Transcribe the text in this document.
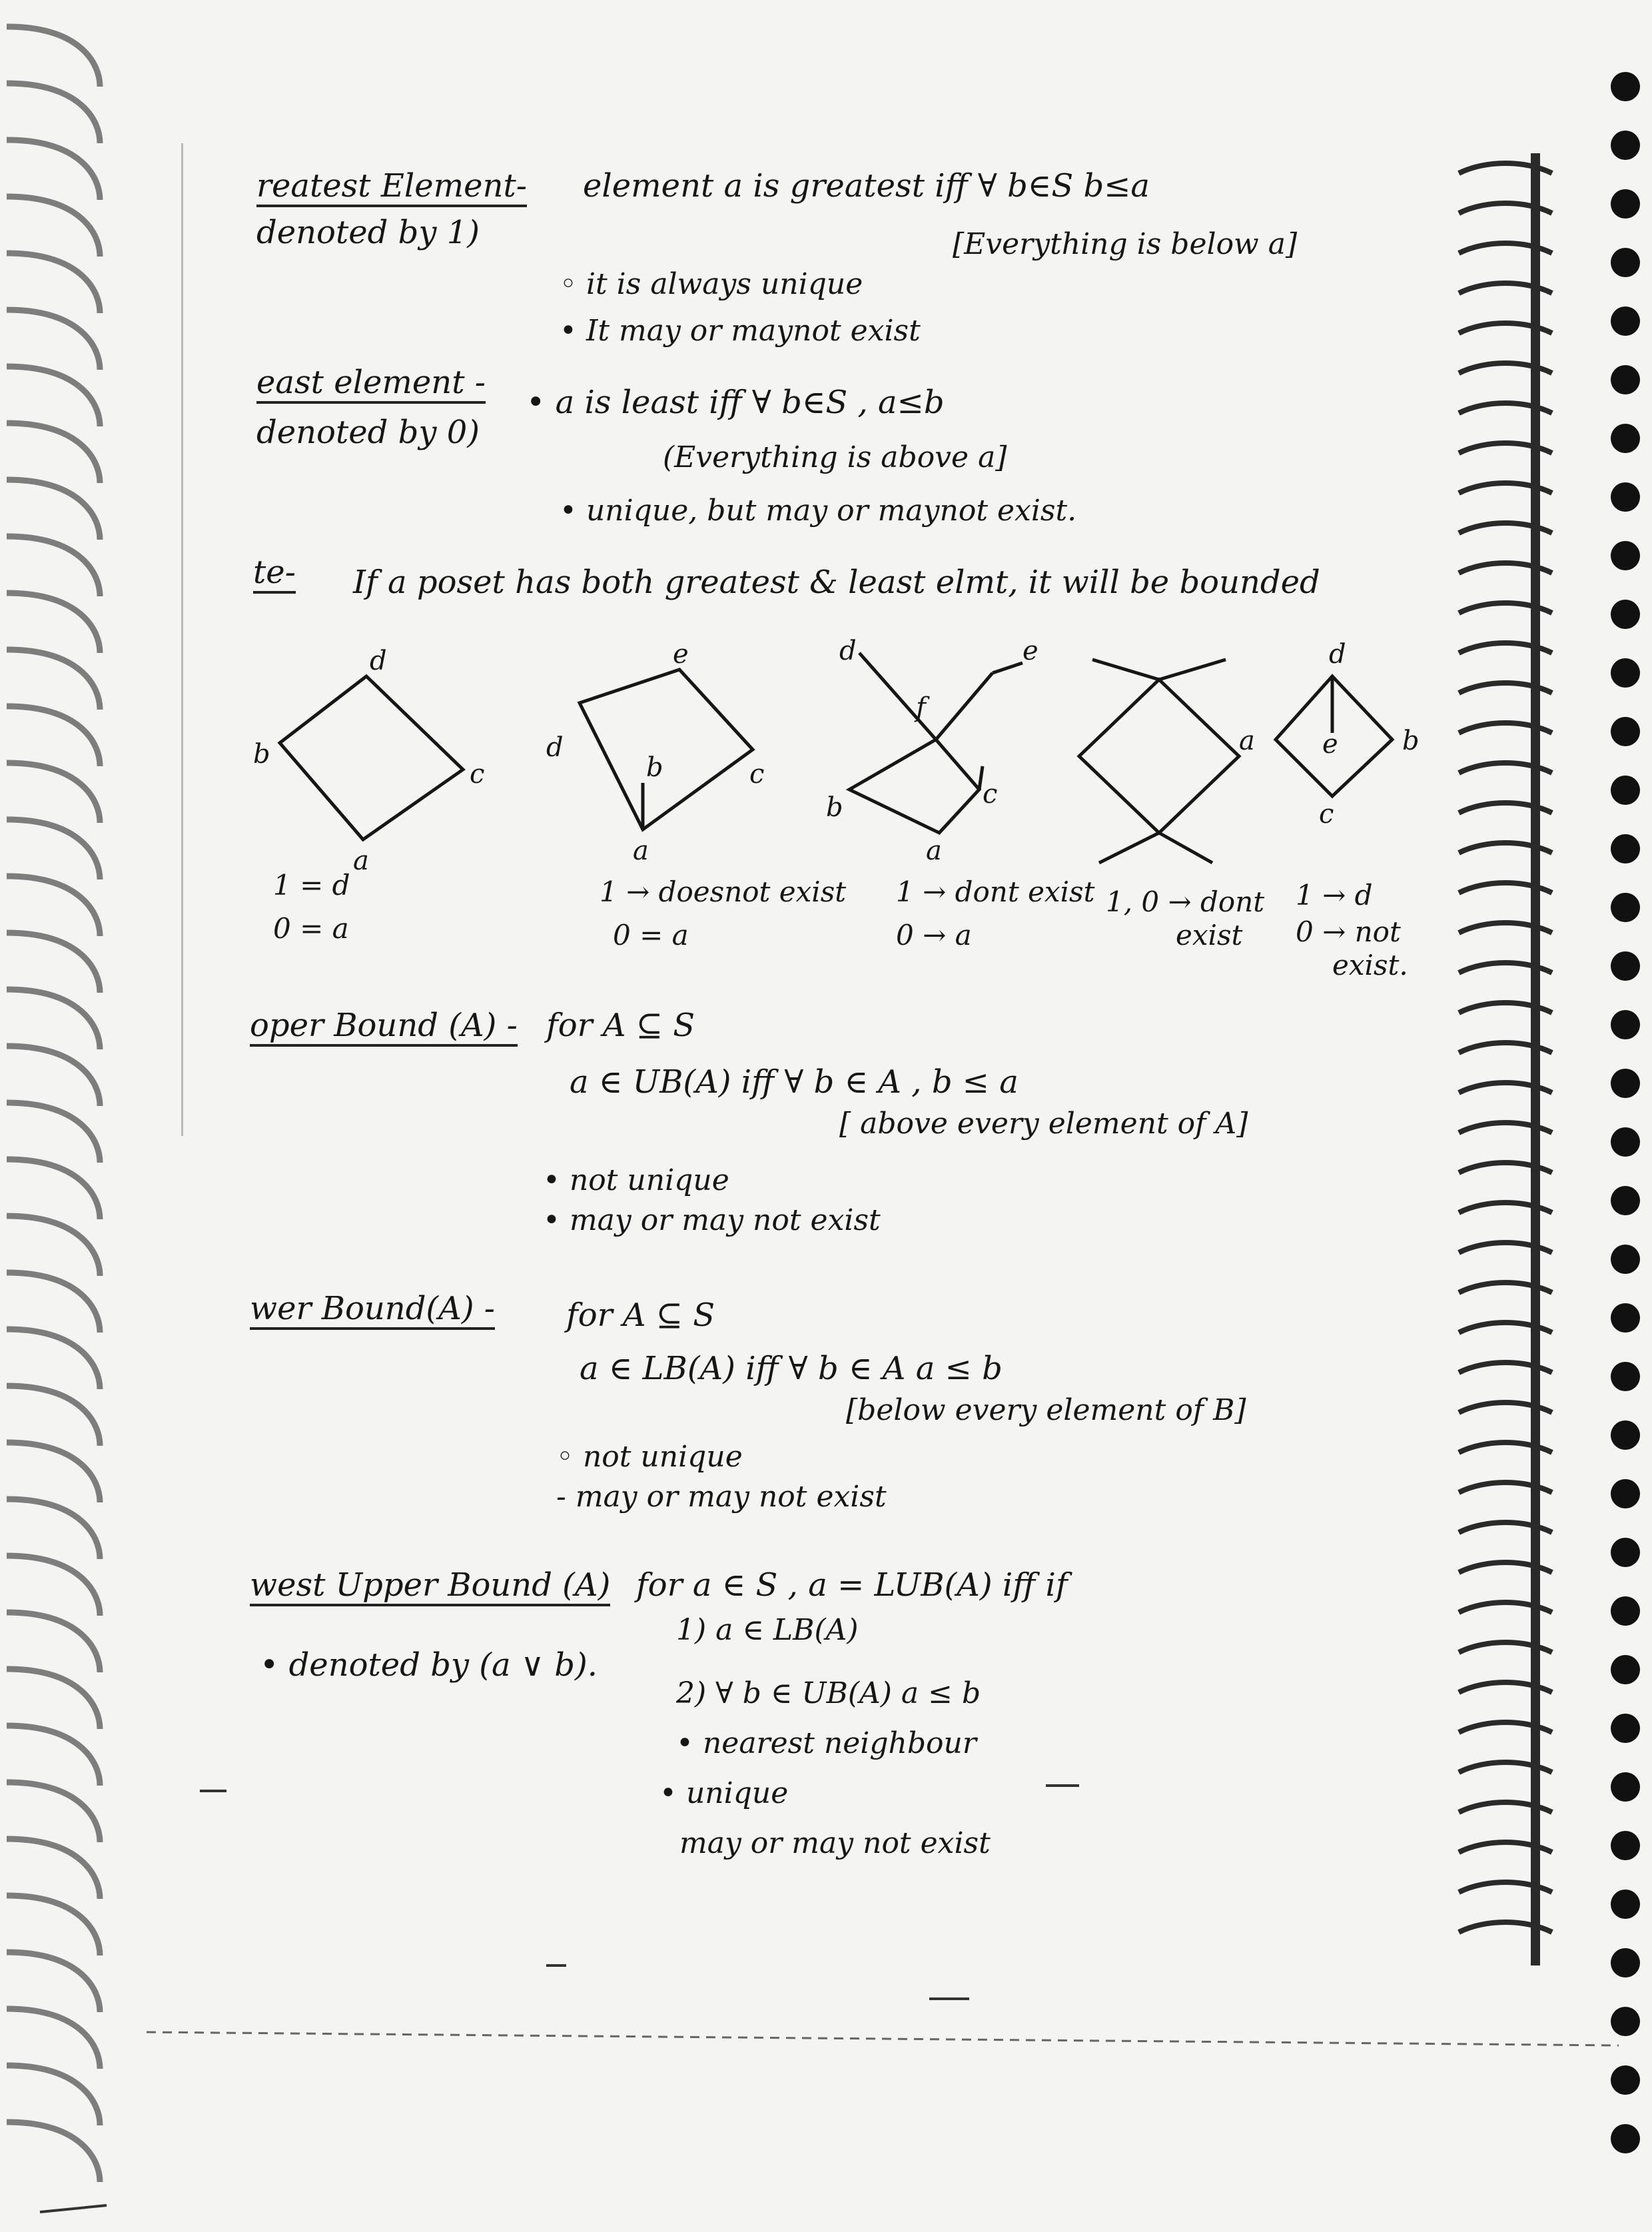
reatest Element-
denoted by 1)
element a is greatest iff ∀ b∈S b≤a
[Everything is below a]
◦ it is always unique
• It may or maynot exist
east element -
denoted by 0)
• a is least iff ∀ b∈S , a≤b
(Everything is above a]
• unique, but may or maynot exist.
te- If a poset has both greatest & least elmt, it will be bounded
d
b
c
a
e
d
b	c
a
d	e
f
b	c
a
d
a	e b
c
1 = d
0 = a
1 → doesnot exist
0 = a
1 → dont exist
0 → a
1, 0 → dont
exist
1 → d
0 → not
exist.
oper Bound (A) - for A ⊆ S
a ∈ UB(A) iff ∀ b ∈ A , b ≤ a
[ above every element of A]
• not unique
• may or may not exist
wer Bound(A) - for A ⊆ S
a ∈ LB(A) iff ∀ b ∈ A a ≤ b
[below every element of B]
◦ not unique
- may or may not exist
west Upper Bound (A) for a ∈ S , a = LUB(A) iff if
• denoted by (a ∨ b).
1) a ∈ LB(A)
2) ∀ b ∈ UB(A) a ≤ b
• nearest neighbour
• unique
may or may not exist
